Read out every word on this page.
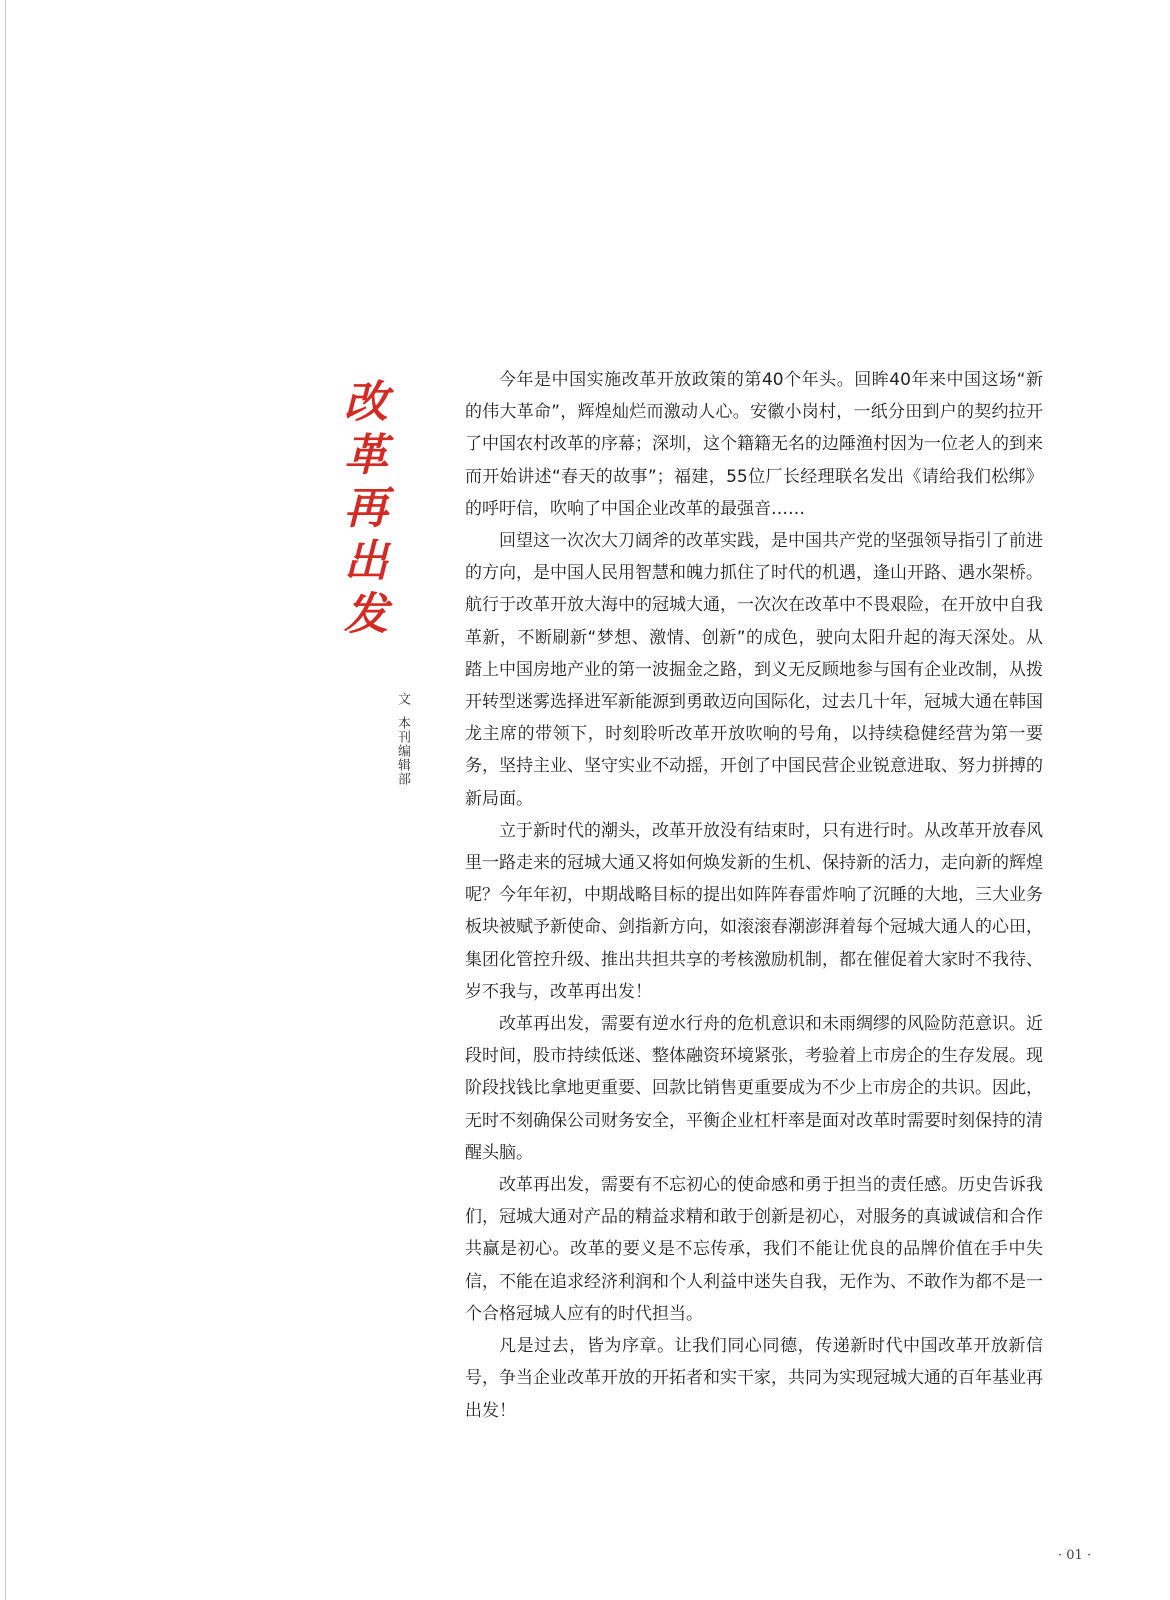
改
革
再
出
发
文本刊编辑部

今年是中国实施改革开放政策的第40个年头。回眸40年来中国这场“新的伟大革命”，辉煌灿烂而激动人心。安徽小岗村，一纸分田到户的契约拉开了中国农村改革的序幕；深圳，这个籍籍无名的边陲渔村因为一位老人的到来而开始讲述“春天的故事”；福建，55位厂长经理联名发出《请给我们松绑》的呼吁信，吹响了中国企业改革的最强音……

回望这一次次大刀阔斧的改革实践，是中国共产党的坚强领导指引了前进的方向，是中国人民用智慧和魄力抓住了时代的机遇，逢山开路、遇水架桥。航行于改革开放大海中的冠城大通，一次次在改革中不畏艰险，在开放中自我革新，不断刷新“梦想、激情、创新”的成色，驶向太阳升起的海天深处。从踏上中国房地产业的第一波掘金之路，到义无反顾地参与国有企业改制，从拨开转型迷雾选择进军新能源到勇敢迈向国际化，过去几十年，冠城大通在韩国龙主席的带领下，时刻聆听改革开放吹响的号角，以持续稳健经营为第一要务，坚持主业、坚守实业不动摇，开创了中国民营企业锐意进取、努力拼搏的新局面。

立于新时代的潮头，改革开放没有结束时，只有进行时。从改革开放春风里一路走来的冠城大通又将如何焕发新的生机、保持新的活力，走向新的辉煌呢？今年年初，中期战略目标的提出如阵阵春雷炸响了沉睡的大地，三大业务板块被赋予新使命、剑指新方向，如滚滚春潮澎湃着每个冠城大通人的心田，集团化管控升级、推出共担共享的考核激励机制，都在催促着大家时不我待、岁不我与，改革再出发！

改革再出发，需要有逆水行舟的危机意识和未雨绸缪的风险防范意识。近段时间，股市持续低迷、整体融资环境紧张，考验着上市房企的生存发展。现阶段找钱比拿地更重要、回款比销售更重要成为不少上市房企的共识。因此，无时不刻确保公司财务安全，平衡企业杠杆率是面对改革时需要时刻保持的清醒头脑。

改革再出发，需要有不忘初心的使命感和勇于担当的责任感。历史告诉我们，冠城大通对产品的精益求精和敢于创新是初心，对服务的真诚诚信和合作共赢是初心。改革的要义是不忘传承，我们不能让优良的品牌价值在手中失信，不能在追求经济利润和个人利益中迷失自我，无作为、不敢作为都不是一个合格冠城人应有的时代担当。

凡是过去，皆为序章。让我们同心同德，传递新时代中国改革开放新信号，争当企业改革开放的开拓者和实干家，共同为实现冠城大通的百年基业再出发！

· 01 ·
